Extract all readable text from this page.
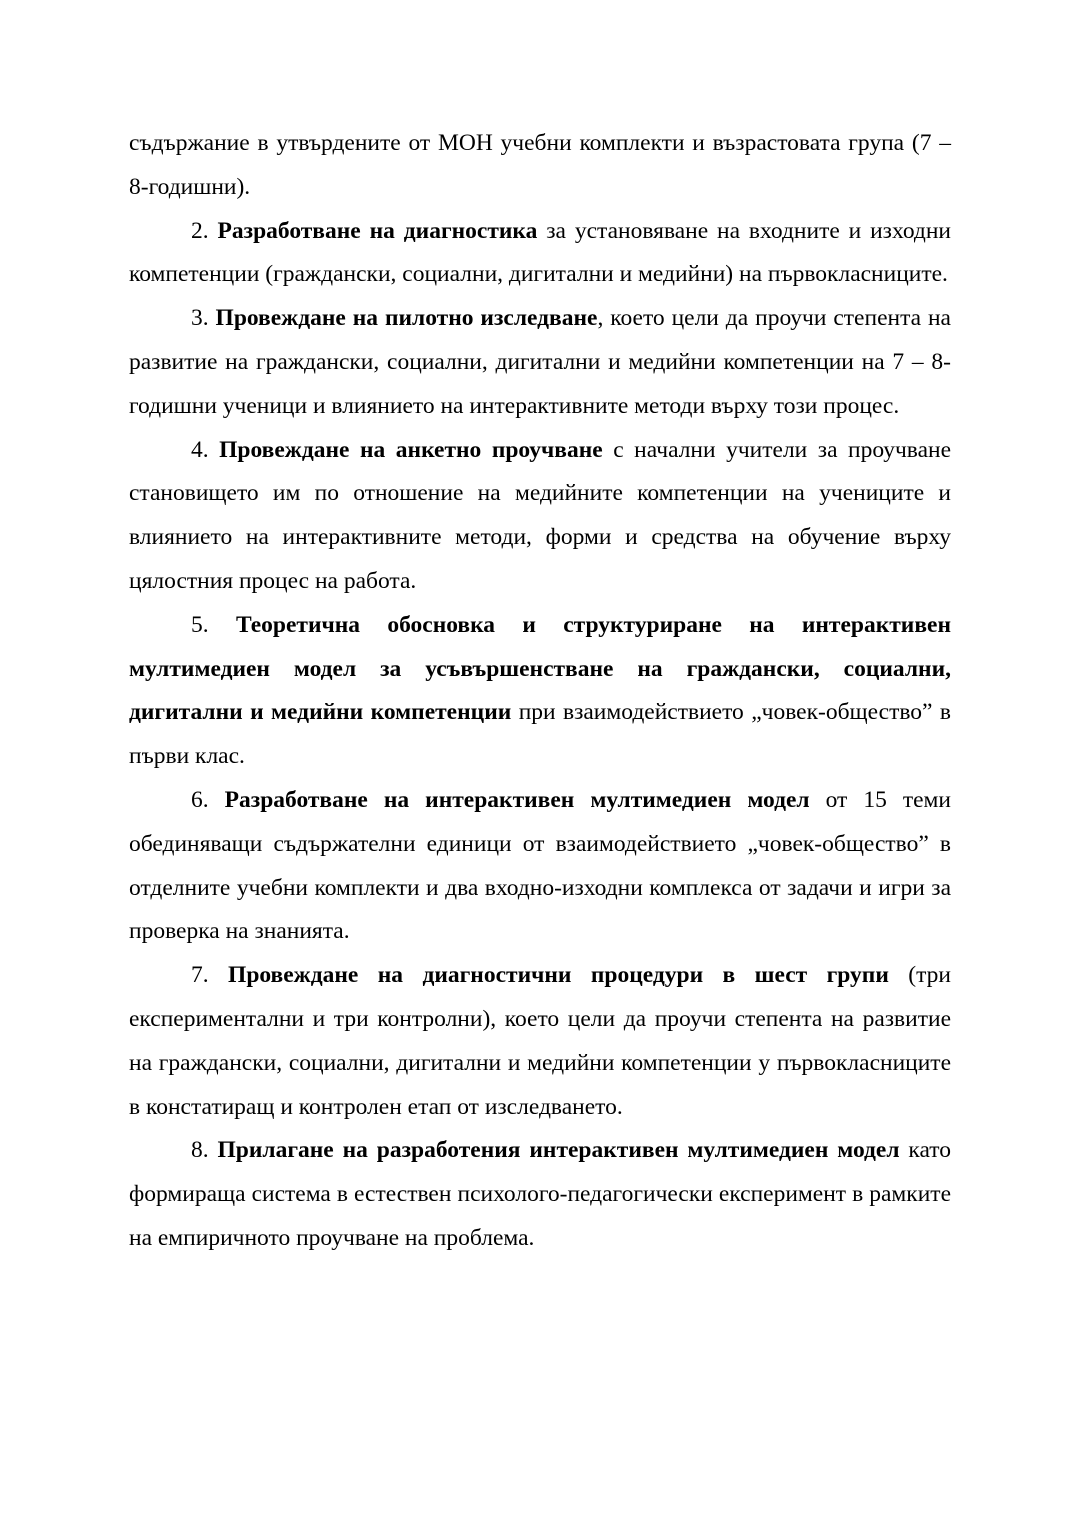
съдържание в утвърдените от МОН учебни комплекти и възрастовата група (7 – 8-годишни).

2. Разработване на диагностика за установяване на входните и изходни компетенции (граждански, социални, дигитални и медийни) на първокласниците.

3. Провеждане на пилотно изследване, което цели да проучи степента на развитие на граждански, социални, дигитални и медийни компетенции на 7 – 8-годишни ученици и влиянието на интерактивните методи върху този процес.

4. Провеждане на анкетно проучване с начални учители за проучване становището им по отношение на медийните компетенции на учениците и влиянието на интерактивните методи, форми и средства на обучение върху цялостния процес на работа.

5. Теоретична обосновка и структуриране на интерактивен мултимедиен модел за усъвършенстване на граждански, социални, дигитални и медийни компетенции при взаимодействието „човек-общество” в първи клас.

6. Разработване на интерактивен мултимедиен модел от 15 теми обединяващи съдържателни единици от взаимодействието „човек-общество” в отделните учебни комплекти и два входно-изходни комплекса от задачи и игри за проверка на знанията.

7. Провеждане на диагностични процедури в шест групи (три експериментални и три контролни), което цели да проучи степента на развитие на граждански, социални, дигитални и медийни компетенции у първокласниците в констатиращ и контролен етап от изследването.

8. Прилагане на разработения интерактивен мултимедиен модел като формираща система в естествен психолого-педагогически експеримент в рамките на емпиричното проучване на проблема.
